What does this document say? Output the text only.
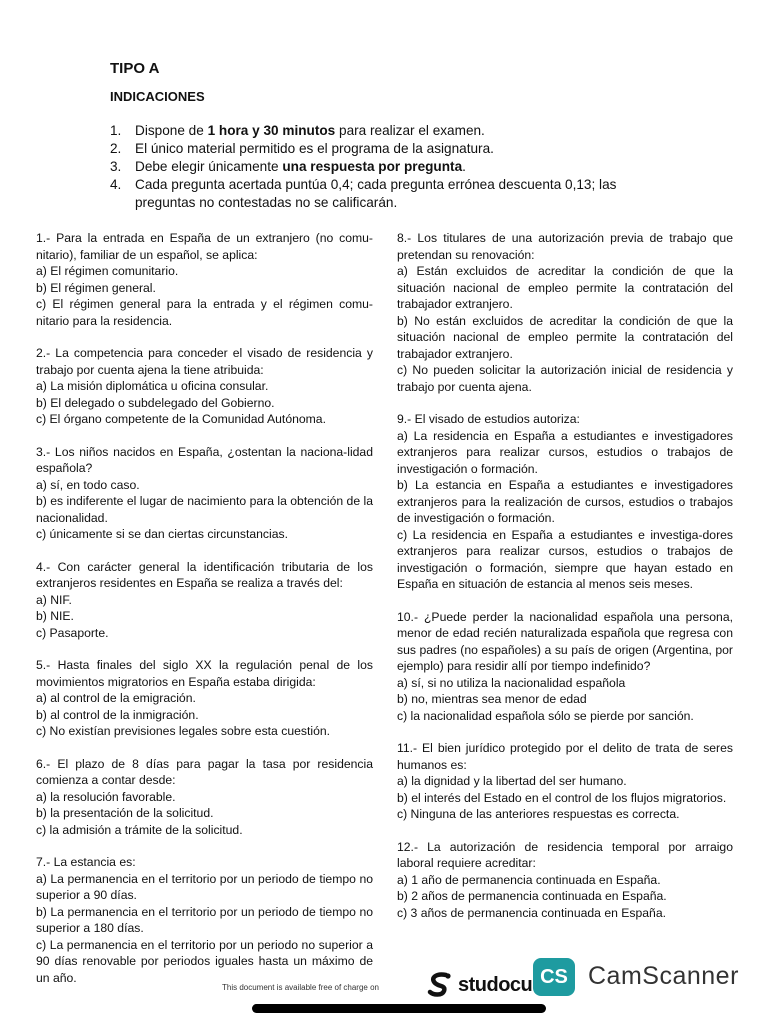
TIPO A
INDICACIONES
1. Dispone de 1 hora y 30 minutos para realizar el examen.
2. El único material permitido es el programa de la asignatura.
3. Debe elegir únicamente una respuesta por pregunta.
4. Cada pregunta acertada puntúa 0,4; cada pregunta errónea descuenta 0,13; las preguntas no contestadas no se calificarán.

1.- Para la entrada en España de un extranjero (no comu-nitario), familiar de un español, se aplica:

a) El régimen comunitario.

b) El régimen general.

c) El régimen general para la entrada y el régimen comu-nitario para la residencia.

2.- La competencia para conceder el visado de residencia y trabajo por cuenta ajena la tiene atribuida:

a) La misión diplomática u oficina consular.

b) El delegado o subdelegado del Gobierno.

c) El órgano competente de la Comunidad Autónoma.

3.- Los niños nacidos en España, ¿ostentan la naciona-lidad española?

a) sí, en todo caso.

b) es indiferente el lugar de nacimiento para la obtención de la nacionalidad.

c) únicamente si se dan ciertas circunstancias.

4.- Con carácter general la identificación tributaria de los extranjeros residentes en España se realiza a través del:

a) NIF.

b) NIE.

c) Pasaporte.

5.- Hasta finales del siglo XX la regulación penal de los movimientos migratorios en España estaba dirigida:

a) al control de la emigración.

b) al control de la inmigración.

c) No existían previsiones legales sobre esta cuestión.

6.- El plazo de 8 días para pagar la tasa por residencia comienza a contar desde:

a) la resolución favorable.

b) la presentación de la solicitud.

c) la admisión a trámite de la solicitud.

7.- La estancia es:

a) La permanencia en el territorio por un periodo de tiempo no superior a 90 días.

b) La permanencia en el territorio por un periodo de tiempo no superior a 180 días.

c) La permanencia en el territorio por un periodo no superior a 90 días renovable por periodos iguales hasta un máximo de un año.

8.- Los titulares de una autorización previa de trabajo que pretendan su renovación:

a) Están excluidos de acreditar la condición de que la situación nacional de empleo permite la contratación del trabajador extranjero.

b) No están excluidos de acreditar la condición de que la situación nacional de empleo permite la contratación del trabajador extranjero.

c) No pueden solicitar la autorización inicial de residencia y trabajo por cuenta ajena.

9.- El visado de estudios autoriza:

a) La residencia en España a estudiantes e investigadores extranjeros para realizar cursos, estudios o trabajos de investigación o formación.

b) La estancia en España a estudiantes e investigadores extranjeros para la realización de cursos, estudios o trabajos de investigación o formación.

c) La residencia en España a estudiantes e investiga-dores extranjeros para realizar cursos, estudios o trabajos de investigación o formación, siempre que hayan estado en España en situación de estancia al menos seis meses.

10.- ¿Puede perder la nacionalidad española una persona, menor de edad recién naturalizada española que regresa con sus padres (no españoles) a su país de origen (Argentina, por ejemplo) para residir allí por tiempo indefinido?

a) sí, si no utiliza la nacionalidad española

b) no, mientras sea menor de edad

c) la nacionalidad española sólo se pierde por sanción.

11.- El bien jurídico protegido por el delito de trata de seres humanos es:

a) la dignidad y la libertad del ser humano.

b) el interés del Estado en el control de los flujos migratorios.

c) Ninguna de las anteriores respuestas es correcta.

12.- La autorización de residencia temporal por arraigo laboral requiere acreditar:

a) 1 año de permanencia continuada en España.

b) 2 años de permanencia continuada en España.

c) 3 años de permanencia continuada en España.

This document is available free of charge on	studocu CS CamScanner
